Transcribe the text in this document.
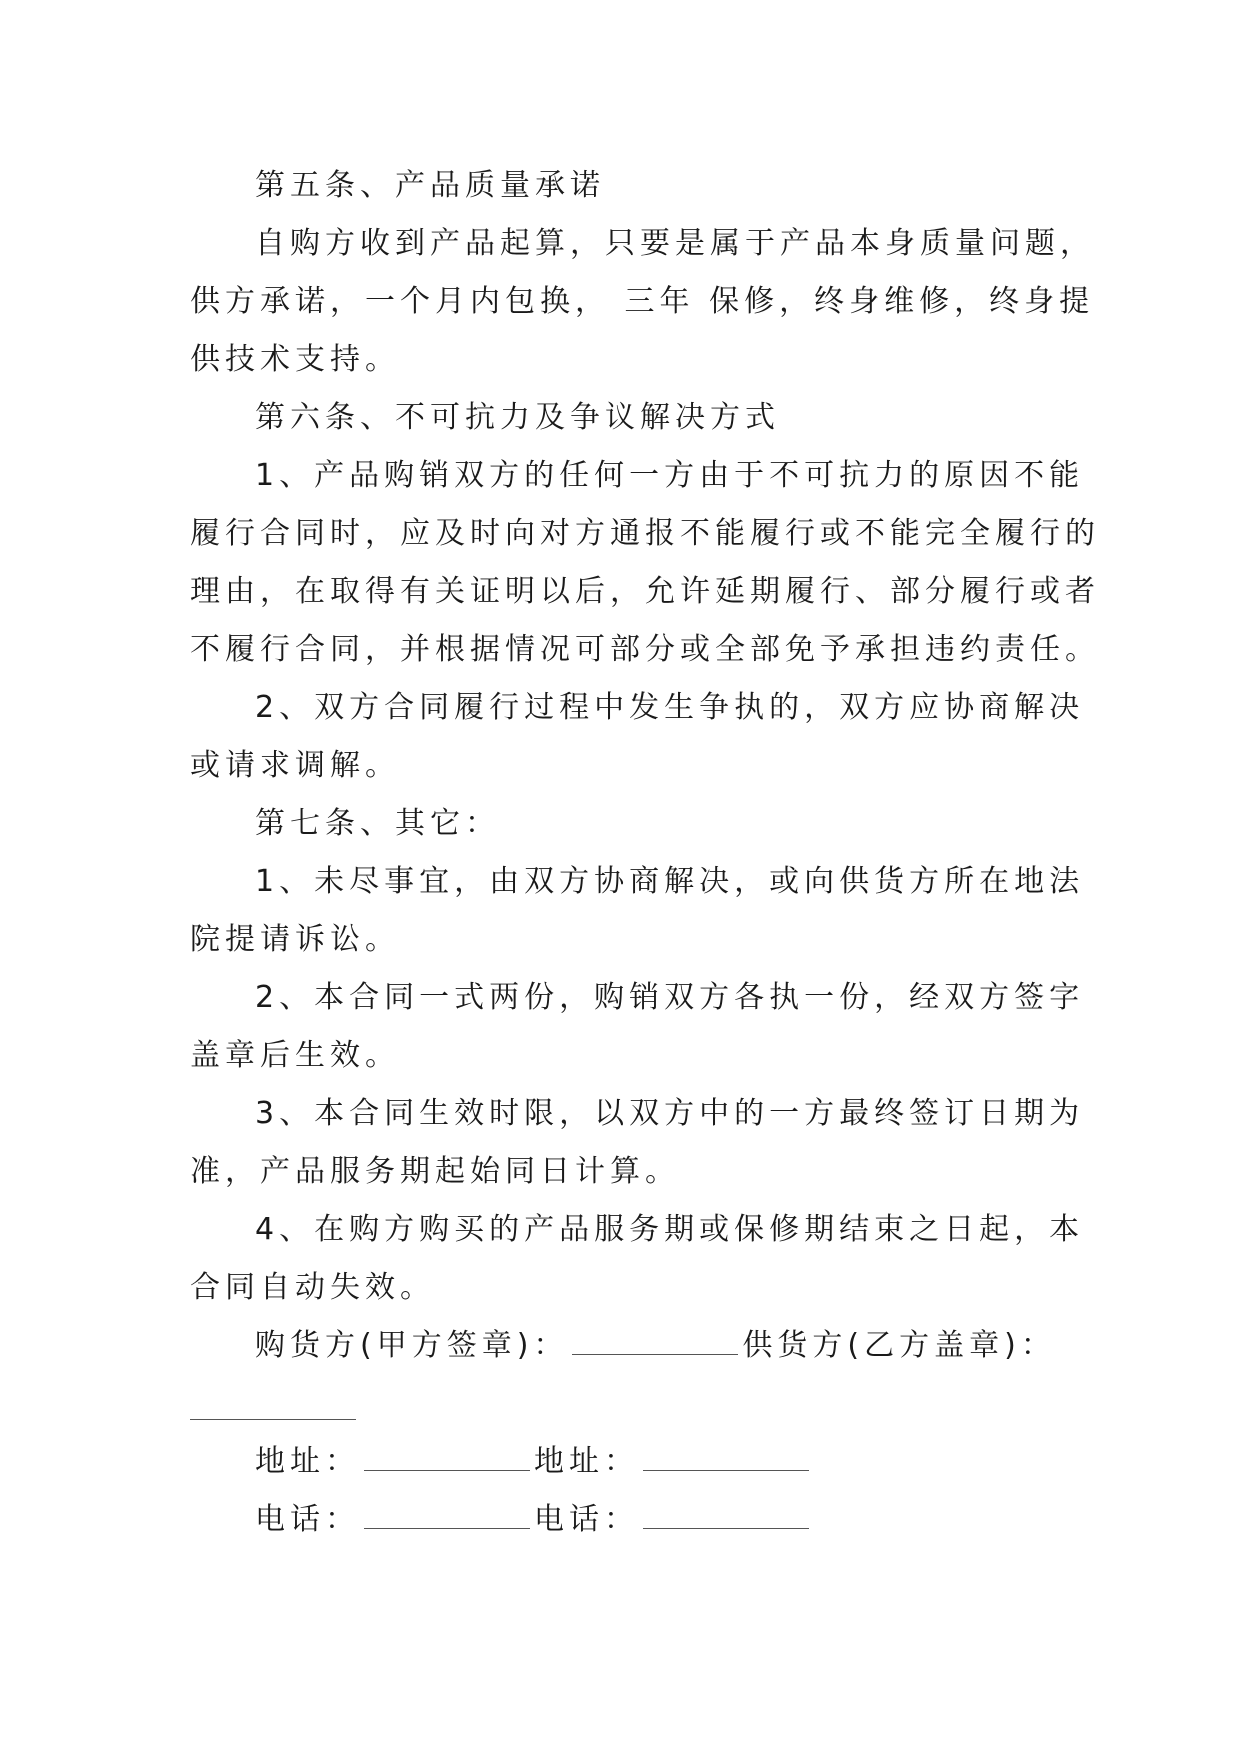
第五条、产品质量承诺
自购方收到产品起算，只要是属于产品本身质量问题，
供方承诺，一个月内包换， 三年 保修，终身维修，终身提
供技术支持。
第六条、不可抗力及争议解决方式
1、产品购销双方的任何一方由于不可抗力的原因不能
履行合同时，应及时向对方通报不能履行或不能完全履行的
理由，在取得有关证明以后，允许延期履行、部分履行或者
不履行合同，并根据情况可部分或全部免予承担违约责任。
2、双方合同履行过程中发生争执的，双方应协商解决
或请求调解。
第七条、其它：
1、未尽事宜，由双方协商解决，或向供货方所在地法
院提请诉讼。
2、本合同一式两份，购销双方各执一份，经双方签字
盖章后生效。
3、本合同生效时限，以双方中的一方最终签订日期为
准，产品服务期起始同日计算。
4、在购方购买的产品服务期或保修期结束之日起，本
合同自动失效。
购货方(甲方签章)：	供货方(乙方盖章)：
地址：	地址：
电话：	电话：
